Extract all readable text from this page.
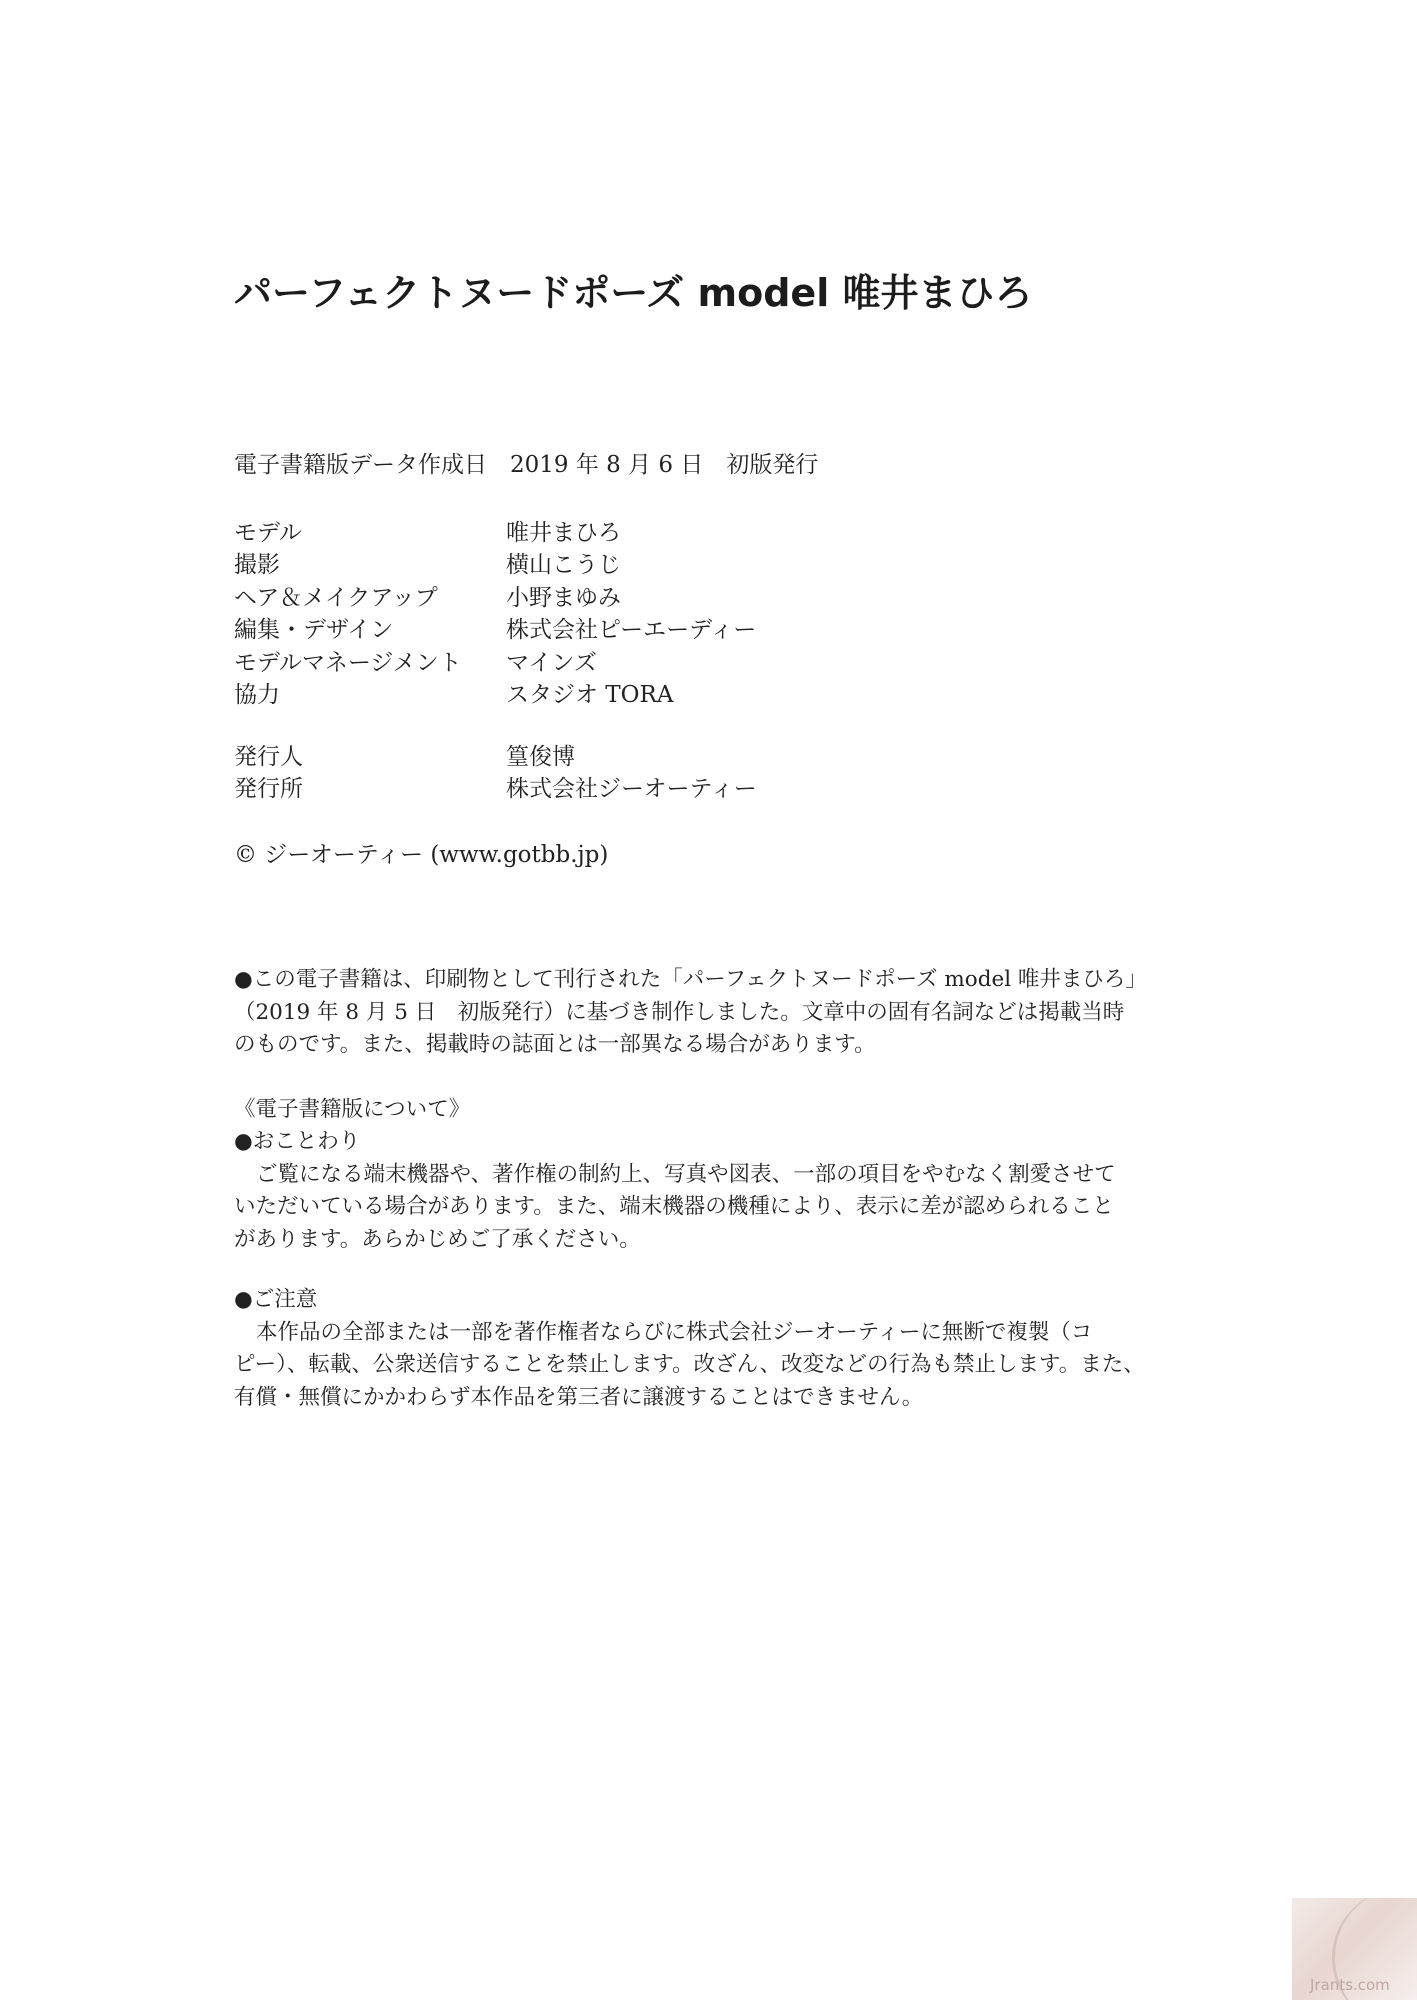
パーフェクトヌードポーズ model 唯井まひろ
電子書籍版データ作成日　2019 年 8 月 6 日　初版発行
モデル	唯井まひろ
撮影	横山こうじ
ヘア＆メイクアップ	小野まゆみ
編集・デザイン	株式会社ピーエーディー
モデルマネージメント	マインズ
協力	スタジオ TORA
発行人	篁俊博
発行所	株式会社ジーオーティー
© ジーオーティー (www.gotbb.jp)

●この電子書籍は、印刷物として刊行された「パーフェクトヌードポーズ model 唯井まひろ」

（2019 年 8 月 5 日　初版発行）に基づき制作しました。文章中の固有名詞などは掲載当時

のものです。また、掲載時の誌面とは一部異なる場合があります。

《電子書籍版について》

●おことわり

ご覧になる端末機器や、著作権の制約上、写真や図表、一部の項目をやむなく割愛させて

いただいている場合があります。また、端末機器の機種により、表示に差が認められること

があります。あらかじめご了承ください。

●ご注意

本作品の全部または一部を著作権者ならびに株式会社ジーオーティーに無断で複製（コ

ピー）、転載、公衆送信することを禁止します。改ざん、改変などの行為も禁止します。また、

有償・無償にかかわらず本作品を第三者に譲渡することはできません。

Jrants.com
